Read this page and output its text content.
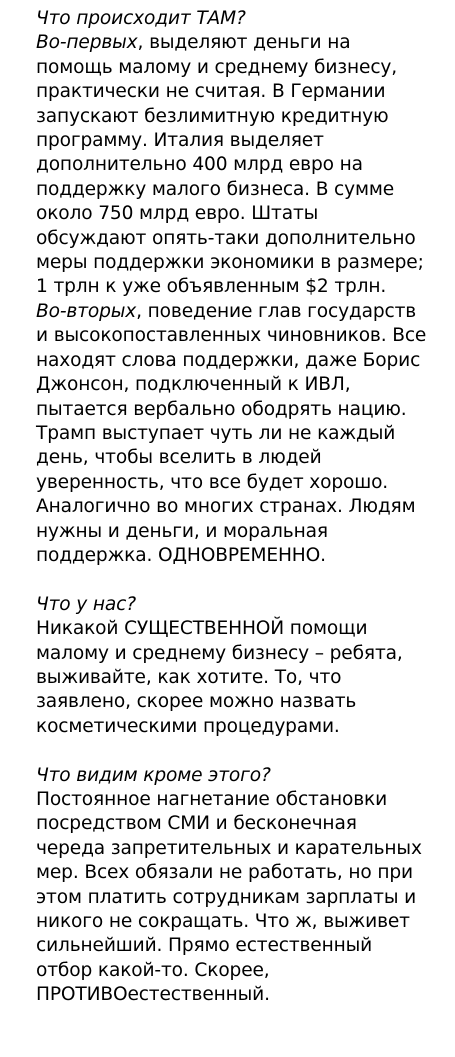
Что происходит ТАМ?
Во-первых, выделяют деньги на
помощь малому и среднему бизнесу,
практически не считая. В Германии
запускают безлимитную кредитную
программу. Италия выделяет
дополнительно 400 млрд евро на
поддержку малого бизнеса. В сумме
около 750 млрд евро. Штаты
обсуждают опять-таки дополнительно
меры поддержки экономики в размере;
1 трлн к уже объявленным $2 трлн.
Во-вторых, поведение глав государств
и высокопоставленных чиновников. Все
находят слова поддержки, даже Борис
Джонсон, подключенный к ИВЛ,
пытается вербально ободрять нацию.
Трамп выступает чуть ли не каждый
день, чтобы вселить в людей
уверенность, что все будет хорошо.
Аналогично во многих странах. Людям
нужны и деньги, и моральная
поддержка. ОДНОВРЕМЕННО.
Что у нас?
Никакой СУЩЕСТВЕННОЙ помощи
малому и среднему бизнесу – ребята,
выживайте, как хотите. То, что
заявлено, скорее можно назвать
косметическими процедурами.
Что видим кроме этого?
Постоянное нагнетание обстановки
посредством СМИ и бесконечная
череда запретительных и карательных
мер. Всех обязали не работать, но при
этом платить сотрудникам зарплаты и
никого не сокращать. Что ж, выживет
сильнейший. Прямо естественный
отбор какой-то. Скорее,
ПРОТИВОестественный.
